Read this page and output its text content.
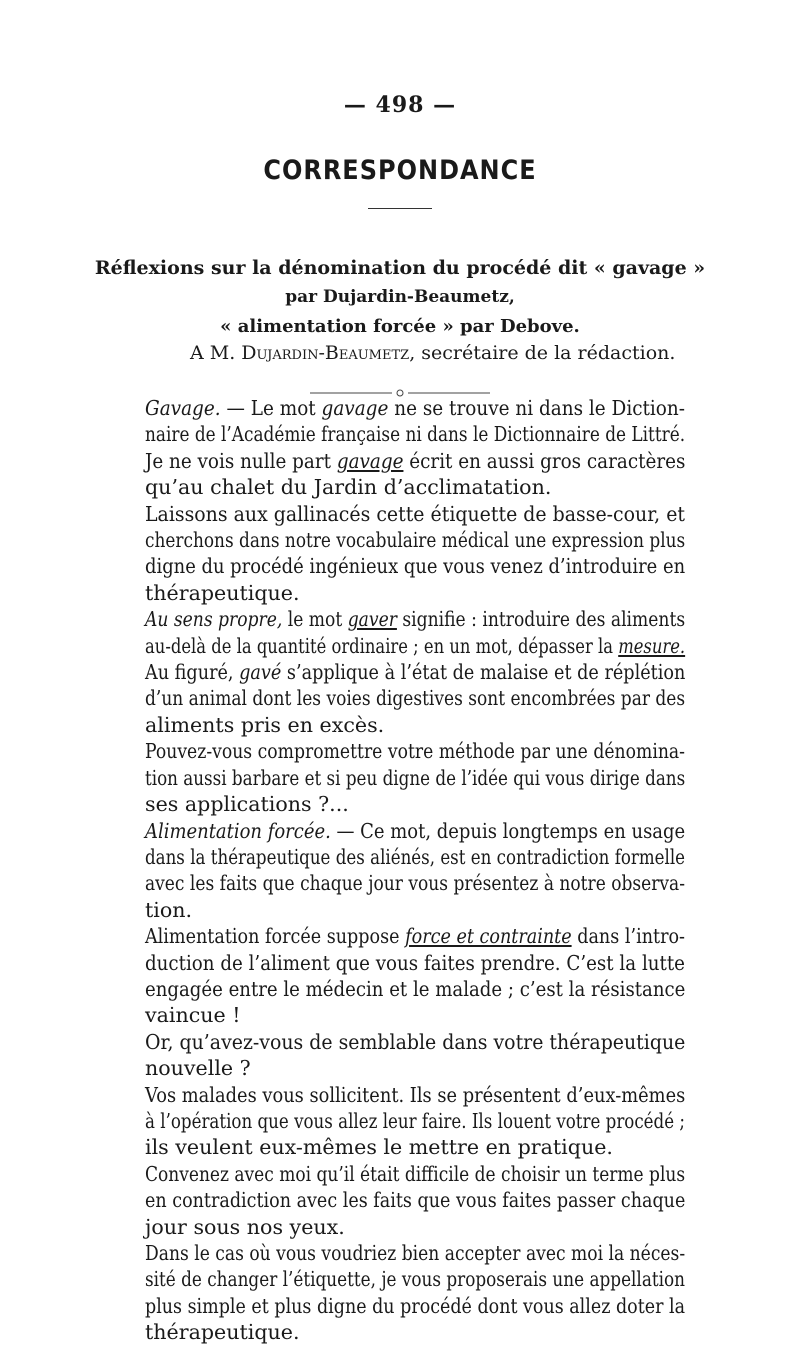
— 498 —
CORRESPONDANCE
Réflexions sur la dénomination du procédé dit « gavage »
par Dujardin-Beaumetz,
« alimentation forcée » par Debove.
A M. Dujardin-Beaumetz, secrétaire de la rédaction.
Gavage. — Le mot gavage ne se trouve ni dans le Diction-
naire de l’Académie française ni dans le Dictionnaire de Littré.
Je ne vois nulle part gavage écrit en aussi gros caractères
qu’au chalet du Jardin d’acclimatation.
Laissons aux gallinacés cette étiquette de basse-cour, et
cherchons dans notre vocabulaire médical une expression plus
digne du procédé ingénieux que vous venez d’introduire en
thérapeutique.
Au sens propre, le mot gaver signifie : introduire des aliments
au-delà de la quantité ordinaire ; en un mot, dépasser la mesure.
Au figuré, gavé s’applique à l’état de malaise et de réplétion
d’un animal dont les voies digestives sont encombrées par des
aliments pris en excès.
Pouvez-vous compromettre votre méthode par une dénomina-
tion aussi barbare et si peu digne de l’idée qui vous dirige dans
ses applications ?...
Alimentation forcée. — Ce mot, depuis longtemps en usage
dans la thérapeutique des aliénés, est en contradiction formelle
avec les faits que chaque jour vous présentez à notre observa-
tion.
Alimentation forcée suppose force et contrainte dans l’intro-
duction de l’aliment que vous faites prendre. C’est la lutte
engagée entre le médecin et le malade ; c’est la résistance
vaincue !
Or, qu’avez-vous de semblable dans votre thérapeutique
nouvelle ?
Vos malades vous sollicitent. Ils se présentent d’eux-mêmes
à l’opération que vous allez leur faire. Ils louent votre procédé ;
ils veulent eux-mêmes le mettre en pratique.
Convenez avec moi qu’il était difficile de choisir un terme plus
en contradiction avec les faits que vous faites passer chaque
jour sous nos yeux.
Dans le cas où vous voudriez bien accepter avec moi la néces-
sité de changer l’étiquette, je vous proposerais une appellation
plus simple et plus digne du procédé dont vous allez doter la
thérapeutique.
